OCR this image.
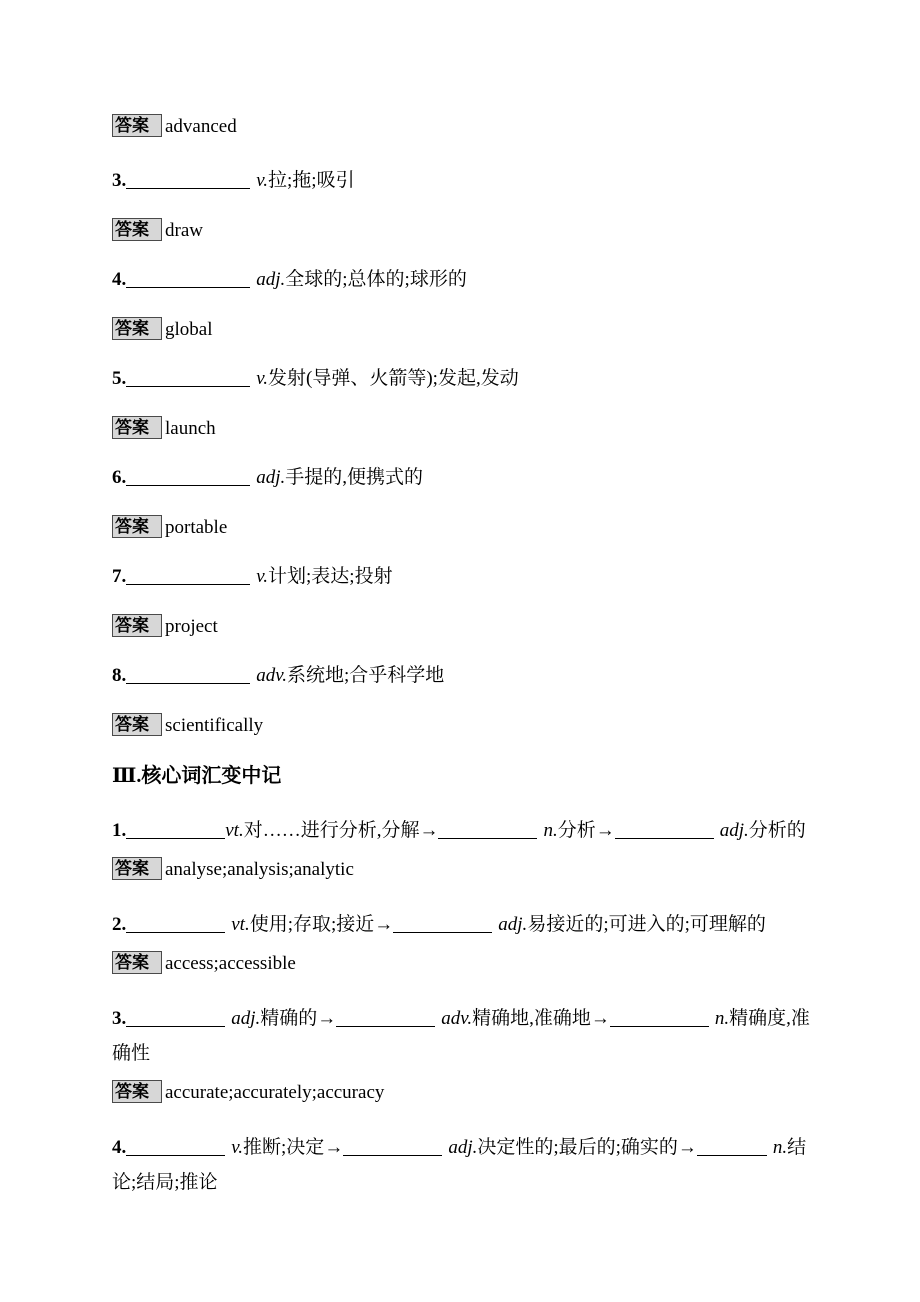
答案 advanced

3.	v.拉;拖;吸引

答案 draw

4.	adj.全球的;总体的;球形的

答案 global

5.	v.发射(导弹、火箭等);发起,发动

答案 launch

6.	adj.手提的,便携式的

答案 portable

7.	v.计划;表达;投射

答案 project

8.	adv.系统地;合乎科学地

答案 scientifically

Ⅲ.核心词汇变中记

1.	vt.对……进行分析,分解→	n.分析→	adj.分析的

答案 analyse;analysis;analytic

2.	vt.使用;存取;接近→	adj.易接近的;可进入的;可理解的

答案 access;accessible

3.	adj.精确的→	adv.精确地,准确地→	n.精确度,准确性

答案 accurate;accurately;accuracy

4.	v.推断;决定→	adj.决定性的;最后的;确实的→	n.结论;结局;推论
